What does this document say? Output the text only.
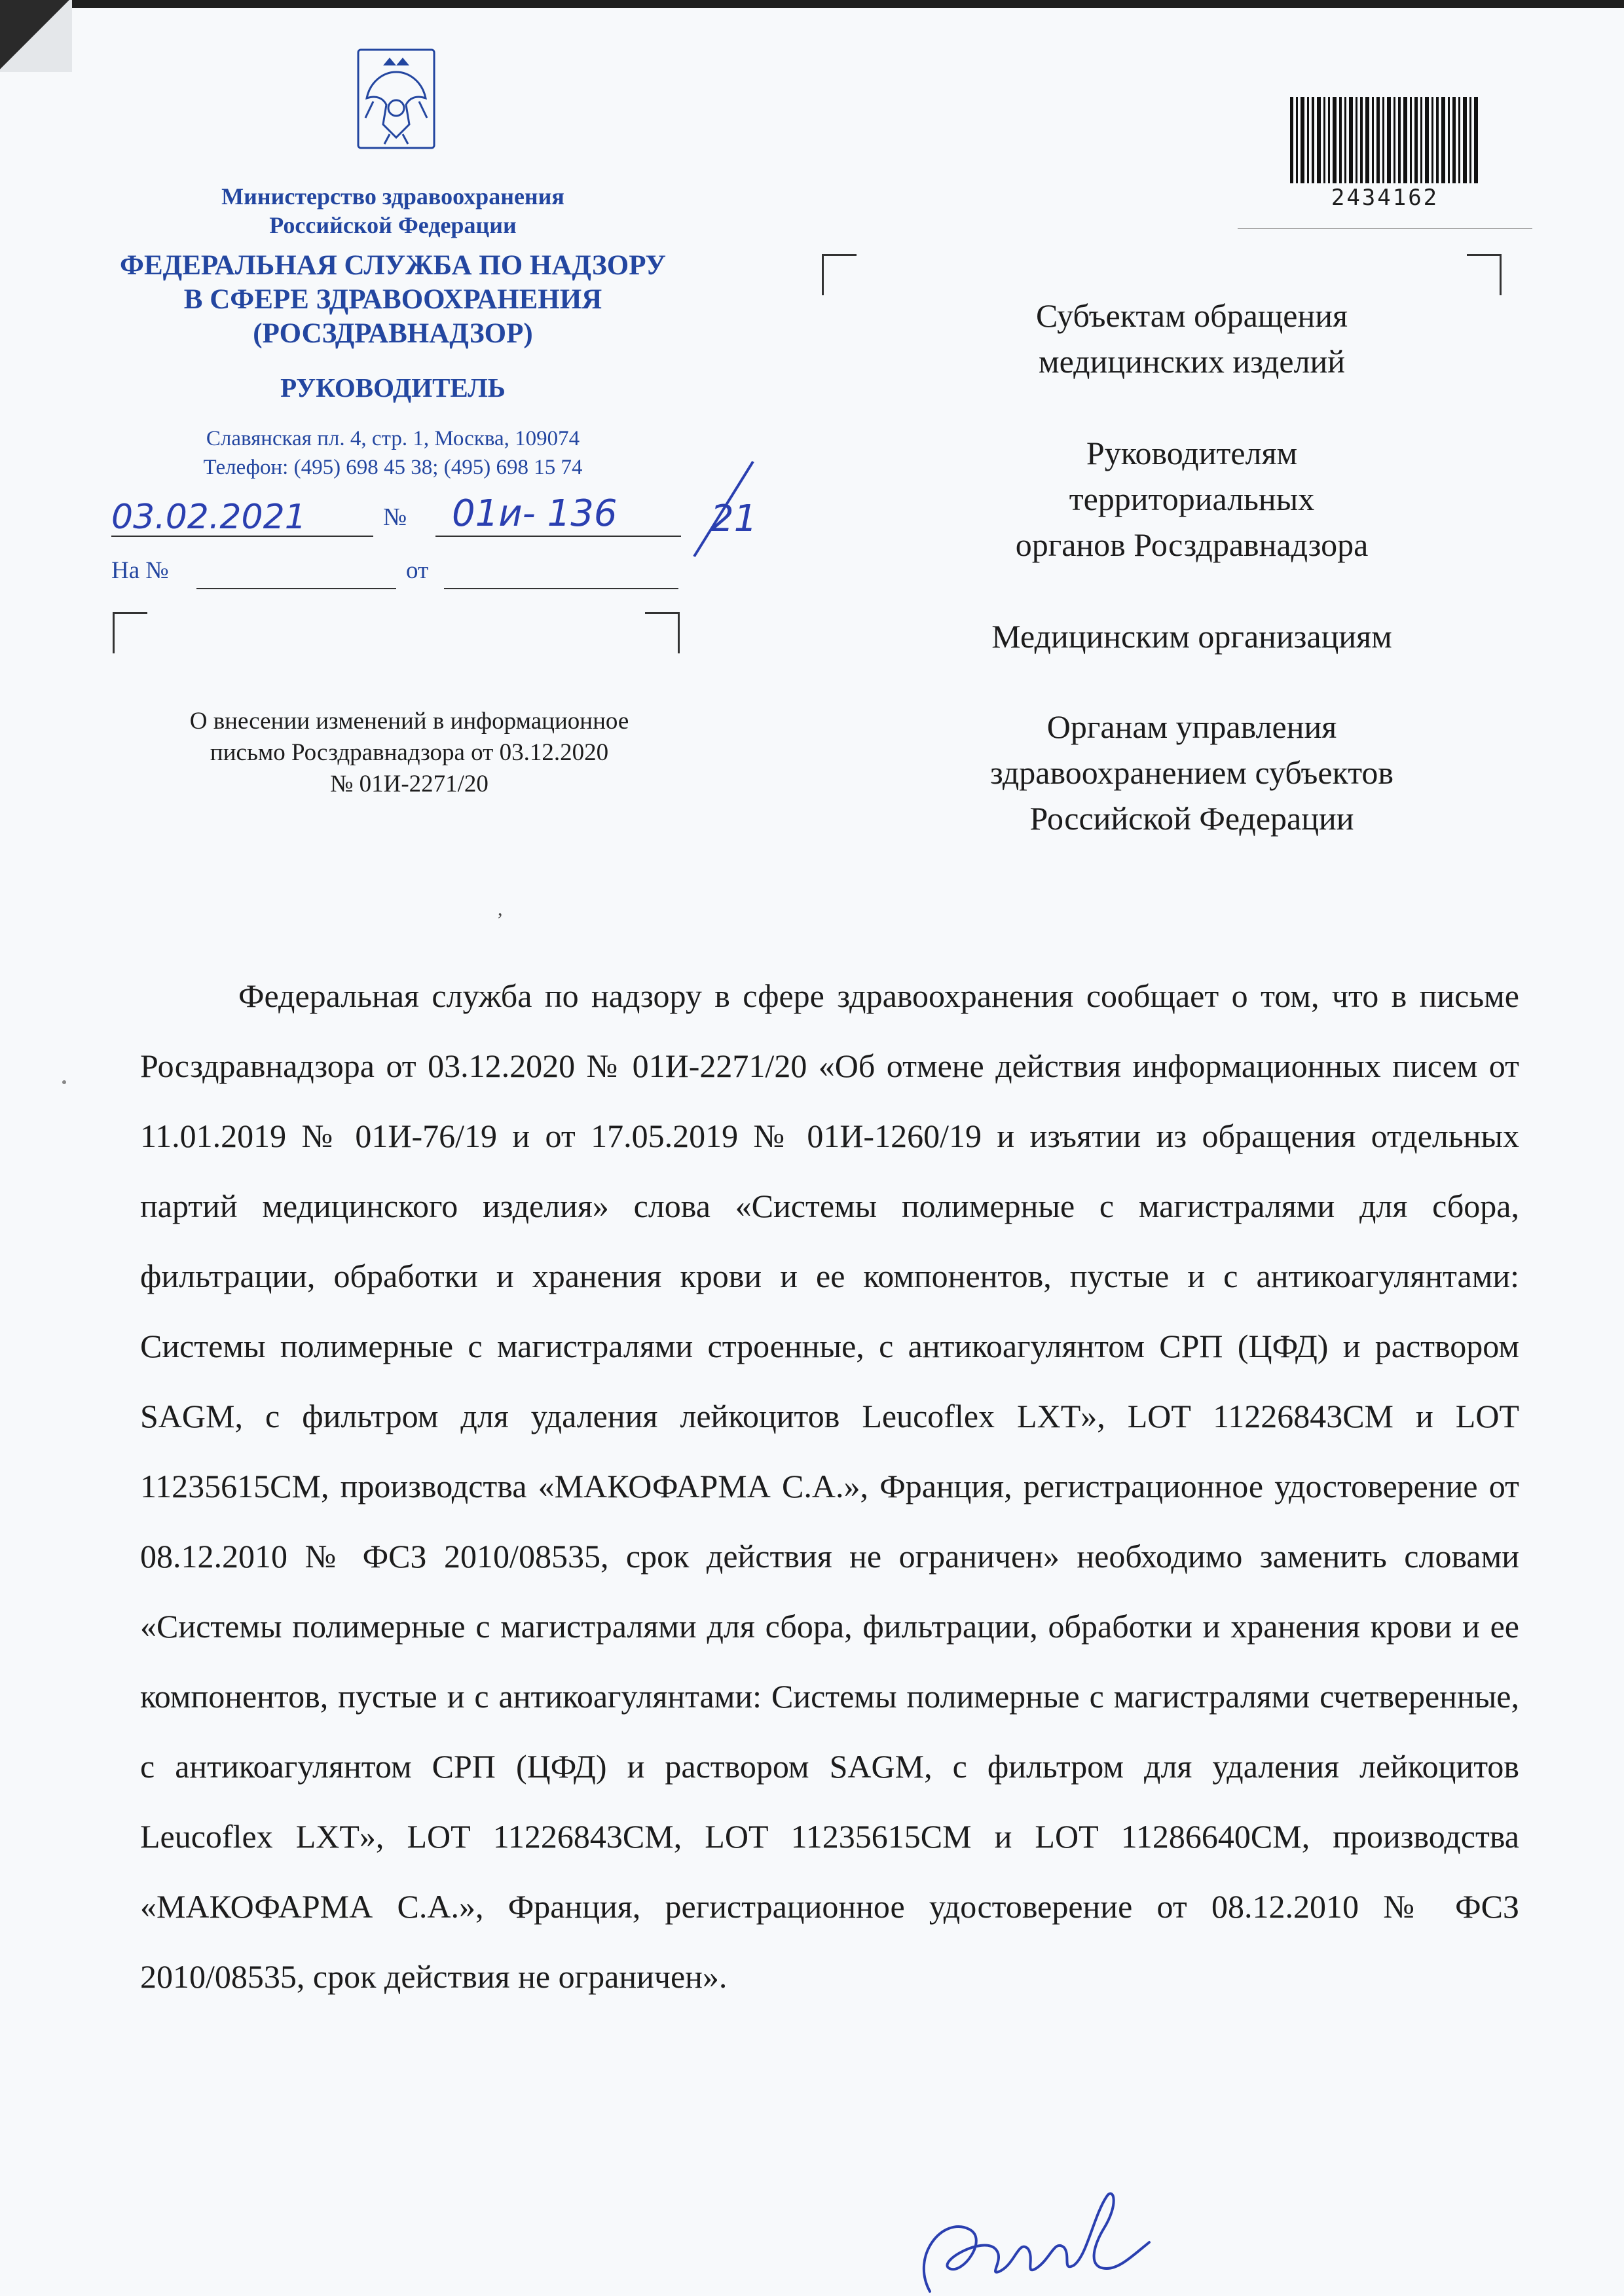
Министерство здравоохранения
Российской Федерации
ФЕДЕРАЛЬНАЯ СЛУЖБА ПО НАДЗОРУ
В СФЕРЕ ЗДРАВООХРАНЕНИЯ
(РОСЗДРАВНАДЗОР)
РУКОВОДИТЕЛЬ
Славянская пл. 4, стр. 1, Москва, 109074
Телефон: (495) 698 45 38; (495) 698 15 74
03.02.2021	№ 01и- 136	21
На №	от
О внесении изменений в информационное
письмо Росздравнадзора от 03.12.2020
№ 01И-2271/20
2434162
Субъектам обращения
медицинских изделий
Руководителям
территориальных
органов Росздравнадзора
Медицинским организациям
Органам управления
здравоохранением субъектов
Российской Федерации
,
Федеральная служба по надзору в сфере здравоохранения сообщает о том, что в письме Росздравнадзора от 03.12.2020 № 01И-2271/20 «Об отмене действия информационных писем от 11.01.2019 № 01И-76/19 и от 17.05.2019 № 01И-1260/19 и изъятии из обращения отдельных партий медицинского изделия» слова «Системы полимерные с магистралями для сбора, фильтрации, обработки и хранения крови и ее компонентов, пустые и с антикоагулянтами: Системы полимерные с магистралями строенные, с антикоагулянтом СРП (ЦФД) и раствором SAGM, с фильтром для удаления лейкоцитов Leucoflex LXT», LOT 11226843CM и LOT 11235615CM, производства «МАКОФАРМА С.А.», Франция, регистрационное удостоверение от 08.12.2010 № ФСЗ 2010/08535, срок действия не ограничен» необходимо заменить словами «Системы полимерные с магистралями для сбора, фильтрации, обработки и хранения крови и ее компонентов, пустые и с антикоагулянтами: Системы полимерные с магистралями счетверенные, с антикоагулянтом СРП (ЦФД) и раствором SAGM, с фильтром для удаления лейкоцитов Leucoflex LXT», LOT 11226843CM, LOT 11235615CM и LOT 11286640CM, производства «МАКОФАРМА С.А.», Франция, регистрационное удостоверение от 08.12.2010 № ФСЗ 2010/08535, срок действия не ограничен».
